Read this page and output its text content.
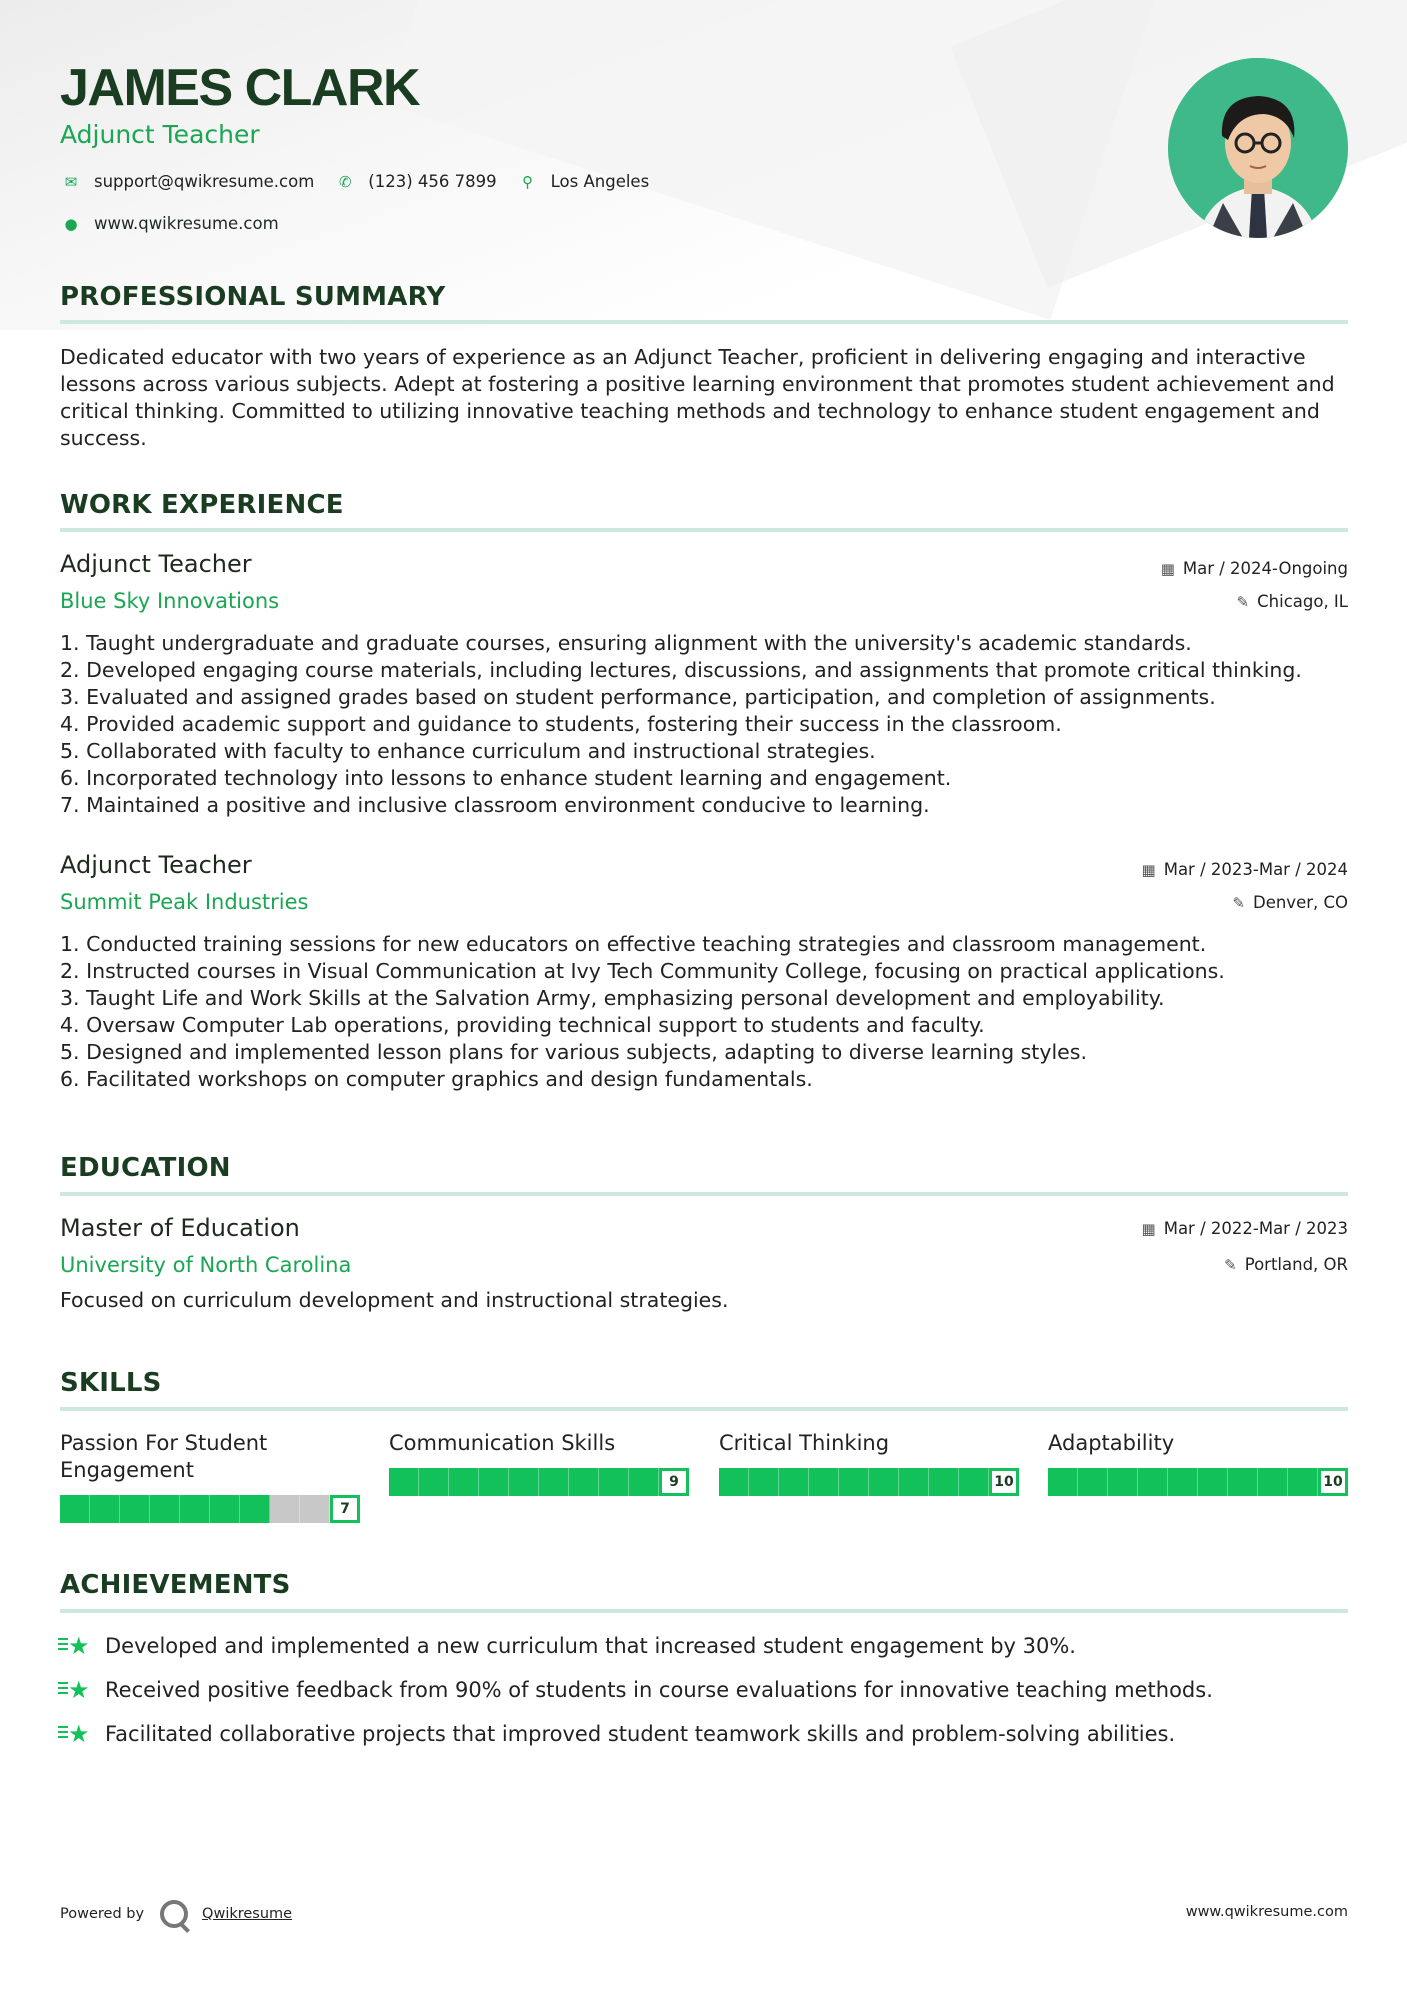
JAMES CLARK
Adjunct Teacher
✉ support@qwikresume.com	✆ (123) 456 7899	⚲	Los Angeles
● www.qwikresume.com
PROFESSIONAL SUMMARY
Dedicated educator with two years of experience as an Adjunct Teacher, proficient in delivering engaging and interactive lessons across various subjects. Adept at fostering a positive learning environment that promotes student achievement and critical thinking. Committed to utilizing innovative teaching methods and technology to enhance student engagement and success.
WORK EXPERIENCE
Adjunct Teacher
Blue Sky Innovations
▦ Mar / 2024-Ongoing
✎ Chicago, IL
1. Taught undergraduate and graduate courses, ensuring alignment with the university's academic standards.
2. Developed engaging course materials, including lectures, discussions, and assignments that promote critical thinking.
3. Evaluated and assigned grades based on student performance, participation, and completion of assignments.
4. Provided academic support and guidance to students, fostering their success in the classroom.
5. Collaborated with faculty to enhance curriculum and instructional strategies.
6. Incorporated technology into lessons to enhance student learning and engagement.
7. Maintained a positive and inclusive classroom environment conducive to learning.
Adjunct Teacher
Summit Peak Industries
▦ Mar / 2023-Mar / 2024
✎ Denver, CO
1. Conducted training sessions for new educators on effective teaching strategies and classroom management.
2. Instructed courses in Visual Communication at Ivy Tech Community College, focusing on practical applications.
3. Taught Life and Work Skills at the Salvation Army, emphasizing personal development and employability.
4. Oversaw Computer Lab operations, providing technical support to students and faculty.
5. Designed and implemented lesson plans for various subjects, adapting to diverse learning styles.
6. Facilitated workshops on computer graphics and design fundamentals.
EDUCATION
Master of Education
University of North Carolina
▦ Mar / 2022-Mar / 2023
✎ Portland, OR
Focused on curriculum development and instructional strategies.
SKILLS
Passion For Student Engagement
7
Communication Skills
9
Critical Thinking
10
Adaptability
10
ACHIEVEMENTS
★ Developed and implemented a new curriculum that increased student engagement by 30%.
★ Received positive feedback from 90% of students in course evaluations for innovative teaching methods.
★ Facilitated collaborative projects that improved student teamwork skills and problem-solving abilities.
Powered by	Qwikresume	www.qwikresume.com
